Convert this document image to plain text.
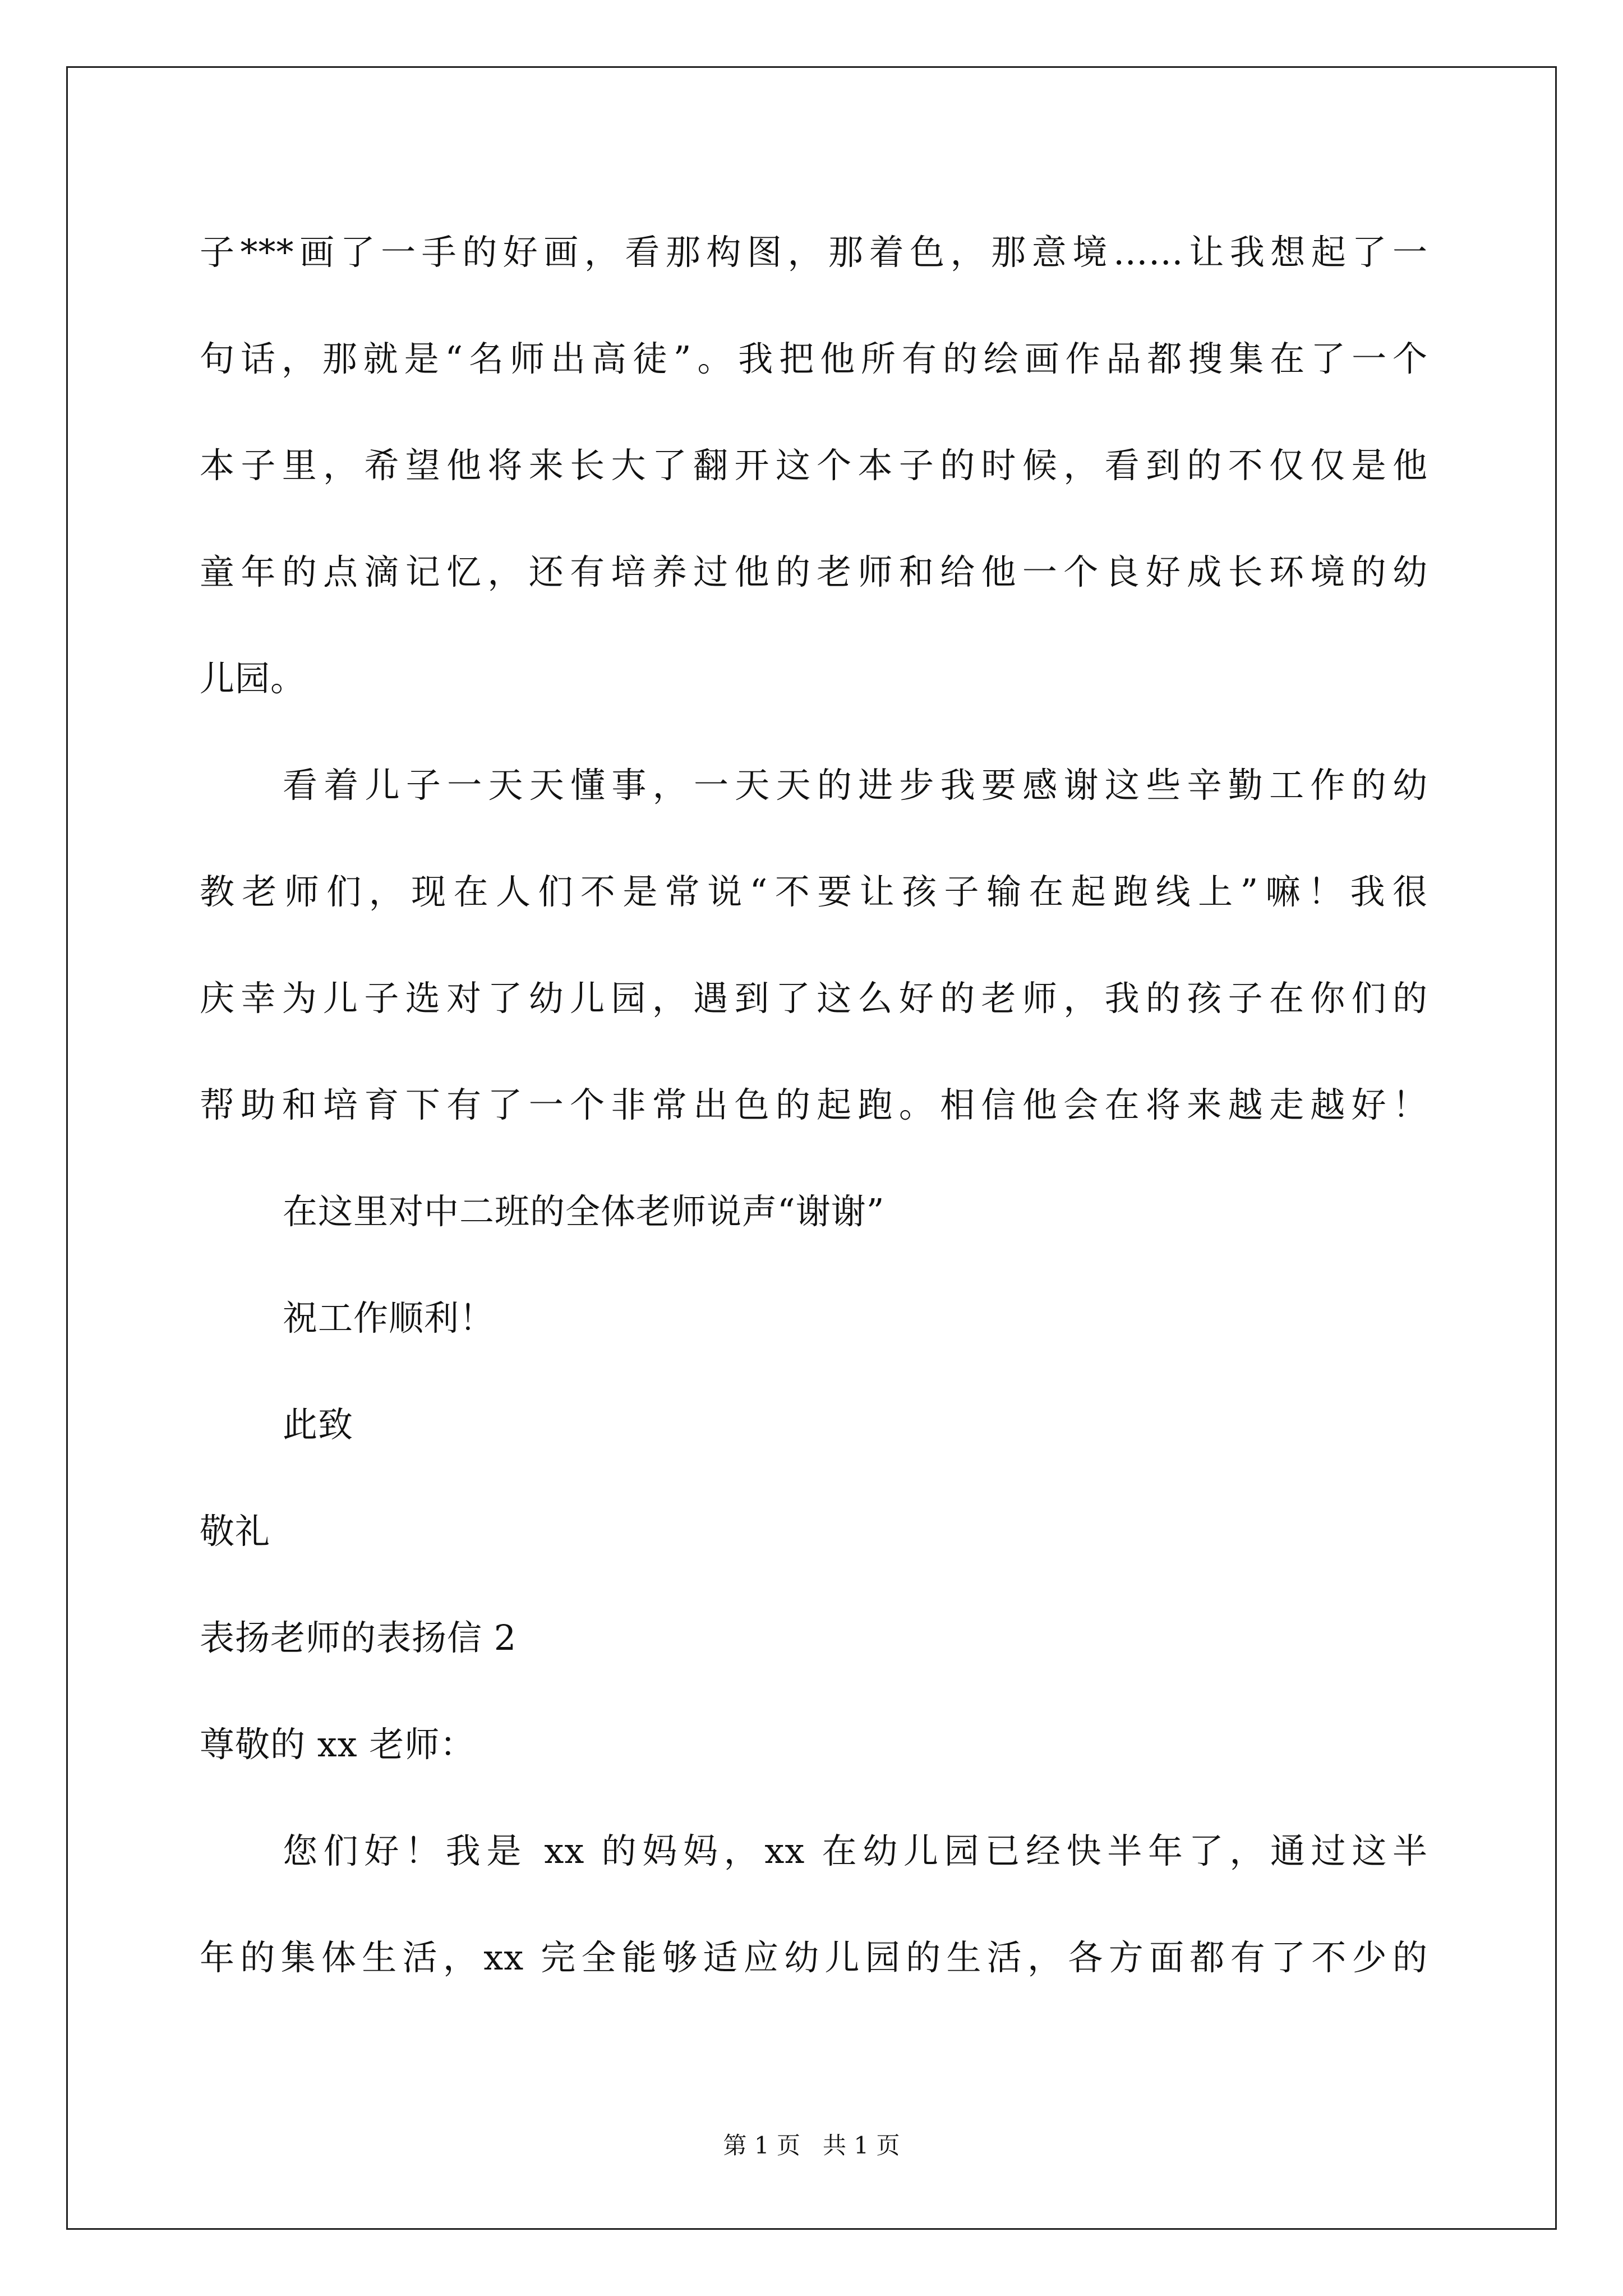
子***画了一手的好画，看那构图，那着色，那意境……让我想起了一
句话，那就是“名师出高徒”。我把他所有的绘画作品都搜集在了一个
本子里，希望他将来长大了翻开这个本子的时候，看到的不仅仅是他
童年的点滴记忆，还有培养过他的老师和给他一个良好成长环境的幼
儿园。
看着儿子一天天懂事，一天天的进步我要感谢这些辛勤工作的幼
教老师们，现在人们不是常说“不要让孩子输在起跑线上”嘛！我很
庆幸为儿子选对了幼儿园，遇到了这么好的老师，我的孩子在你们的
帮助和培育下有了一个非常出色的起跑。相信他会在将来越走越好！
在这里对中二班的全体老师说声“谢谢”
祝工作顺利！
此致
敬礼
表扬老师的表扬信 2
尊敬的 xx 老师：
您们好！我是 xx 的妈妈，xx 在幼儿园已经快半年了，通过这半
年的集体生活，xx 完全能够适应幼儿园的生活，各方面都有了不少的
第 1 页   共 1 页
